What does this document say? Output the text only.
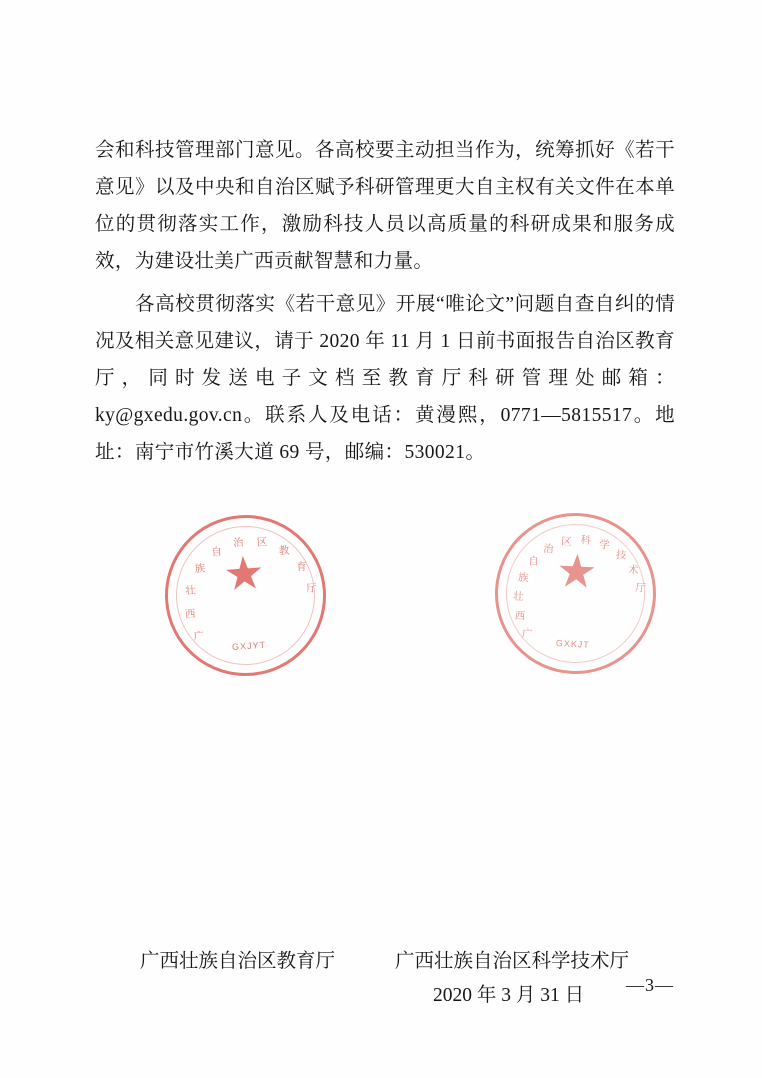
会和科技管理部门意见。各高校要主动担当作为，统筹抓好《若干意见》以及中央和自治区赋予科研管理更大自主权有关文件在本单位的贯彻落实工作，激励科技人员以高质量的科研成果和服务成效，为建设壮美广西贡献智慧和力量。

各高校贯彻落实《若干意见》开展“唯论文”问题自查自纠的情况及相关意见建议，请于 2020 年 11 月 1 日前书面报告自治区教育厅，同时发送电子文档至教育厅科研管理处邮箱：ky@gxedu.gov.cn。联系人及电话：黄漫熙，0771—5815517。地址：南宁市竹溪大道 69 号，邮编：530021。

广
西
壮
族
自
治 区
教
育
厅
★
GXJYT
广
西
壮
族
自
治
区 科 学
技
术
厅
★
GXKJT
广西壮族自治区教育厅	广西壮族自治区科学技术厅
2020 年 3 月 31 日 —3—
